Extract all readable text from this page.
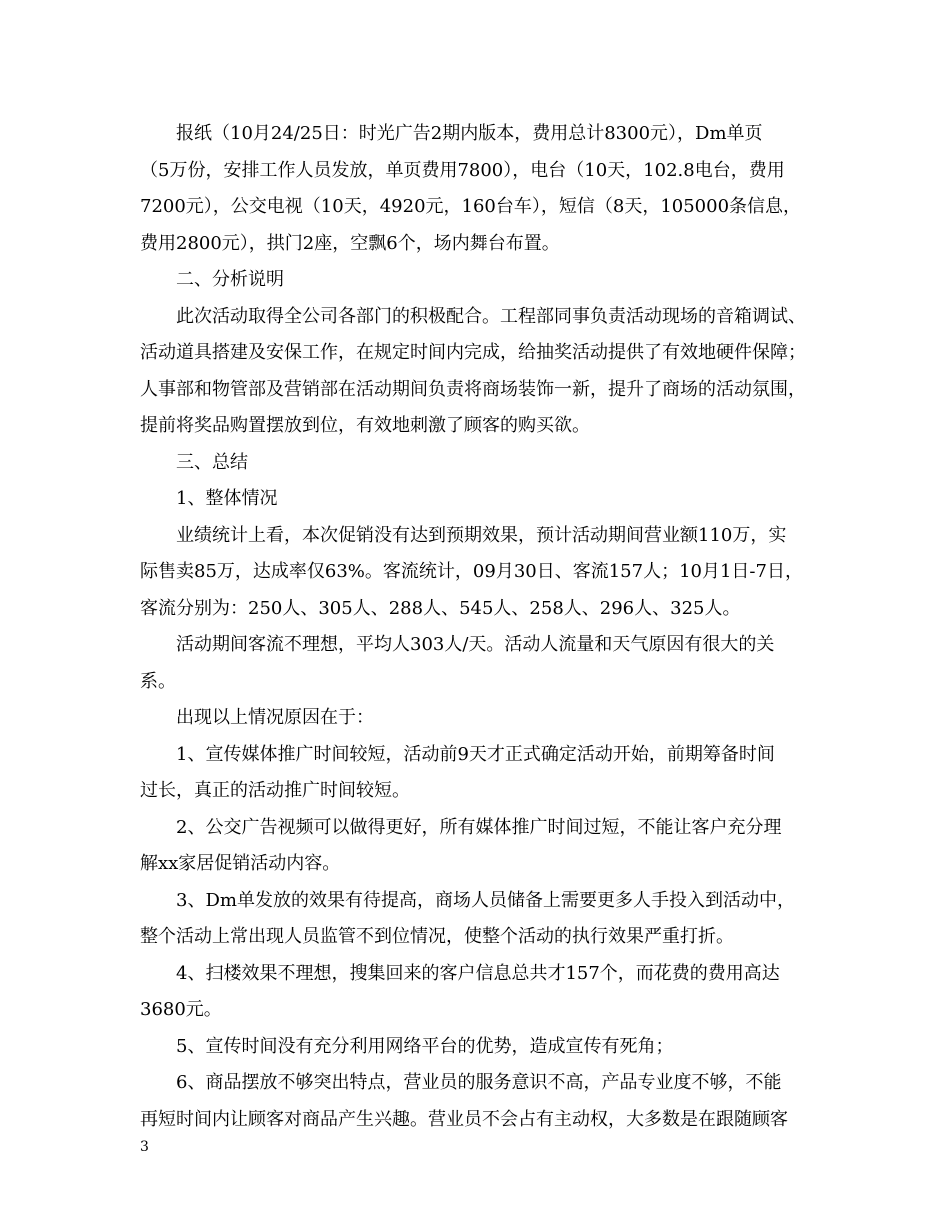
报纸（10月24/25日：时光广告2期内版本，费用总计8300元），Dm单页
（5万份，安排工作人员发放，单页费用7800），电台（10天，102.8电台，费用
7200元），公交电视（10天，4920元，160台车），短信（8天，105000条信息，
费用2800元），拱门2座，空飘6个，场内舞台布置。
二、分析说明
此次活动取得全公司各部门的积极配合。工程部同事负责活动现场的音箱调试、
活动道具搭建及安保工作，在规定时间内完成，给抽奖活动提供了有效地硬件保障；
人事部和物管部及营销部在活动期间负责将商场装饰一新，提升了商场的活动氛围，
提前将奖品购置摆放到位，有效地刺激了顾客的购买欲。
三、总结
1、整体情况
业绩统计上看，本次促销没有达到预期效果，预计活动期间营业额110万，实
际售卖85万，达成率仅63%。客流统计，09月30日、客流157人；10月1日-7日，
客流分别为：250人、305人、288人、545人、258人、296人、325人。
活动期间客流不理想，平均人303人/天。活动人流量和天气原因有很大的关
系。
出现以上情况原因在于：
1、宣传媒体推广时间较短，活动前9天才正式确定活动开始，前期筹备时间
过长，真正的活动推广时间较短。
2、公交广告视频可以做得更好，所有媒体推广时间过短，不能让客户充分理
解xx家居促销活动内容。
3、Dm单发放的效果有待提高，商场人员储备上需要更多人手投入到活动中，
整个活动上常出现人员监管不到位情况，使整个活动的执行效果严重打折。
4、扫楼效果不理想，搜集回来的客户信息总共才157个，而花费的费用高达
3680元。
5、宣传时间没有充分利用网络平台的优势，造成宣传有死角；
6、商品摆放不够突出特点，营业员的服务意识不高，产品专业度不够，不能
再短时间内让顾客对商品产生兴趣。营业员不会占有主动权，大多数是在跟随顾客
3
